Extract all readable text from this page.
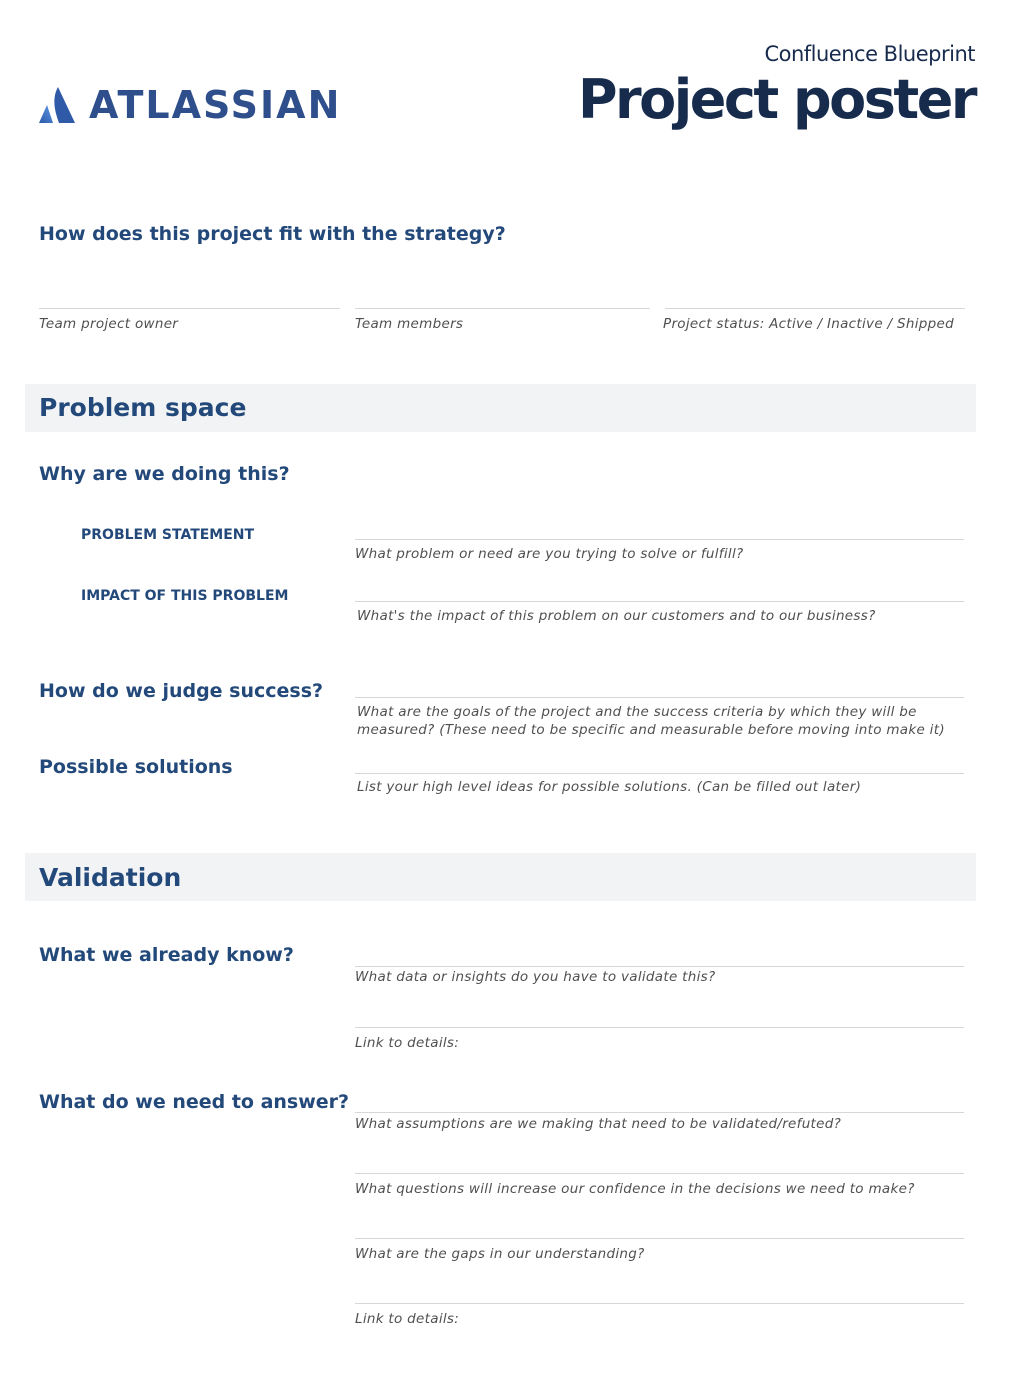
ATLASSIAN
Confluence Blueprint
Project poster
How does this project fit with the strategy?
Team project owner	Team members	Project status: Active / Inactive / Shipped
Problem space
Why are we doing this?
PROBLEM STATEMENT
What problem or need are you trying to solve or fulfill?
IMPACT OF THIS PROBLEM
What's the impact of this problem on our customers and to our business?
How do we judge success?
What are the goals of the project and the success criteria by which they will be measured? (These need to be specific and measurable before moving into make it)
Possible solutions
List your high level ideas for possible solutions. (Can be filled out later)
Validation
What we already know?
What data or insights do you have to validate this?
Link to details:
What do we need to answer?
What assumptions are we making that need to be validated/refuted?
What questions will increase our confidence in the decisions we need to make?
What are the gaps in our understanding?
Link to details:
